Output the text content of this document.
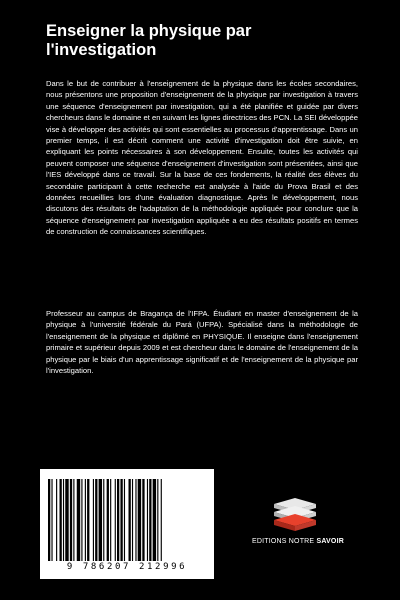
Enseigner la physique par l'investigation
Dans le but de contribuer à l'enseignement de la physique dans les écoles secondaires, nous présentons une proposition d'enseignement de la physique par investigation à travers une séquence d'enseignement par investigation, qui a été planifiée et guidée par divers chercheurs dans le domaine et en suivant les lignes directrices des PCN. La SEI développée vise à développer des activités qui sont essentielles au processus d'apprentissage. Dans un premier temps, il est décrit comment une activité d'investigation doit être suivie, en expliquant les points nécessaires à son développement. Ensuite, toutes les activités qui peuvent composer une séquence d'enseignement d'investigation sont présentées, ainsi que l'IES développé dans ce travail. Sur la base de ces fondements, la réalité des élèves du secondaire participant à cette recherche est analysée à l'aide du Prova Brasil et des données recueillies lors d'une évaluation diagnostique. Après le développement, nous discutons des résultats de l'adaptation de la méthodologie appliquée pour conclure que la séquence d'enseignement par investigation appliquée a eu des résultats positifs en termes de construction de connaissances scientifiques.
Professeur au campus de Bragança de l'IFPA. Étudiant en master d'enseignement de la physique à l'université fédérale du Pará (UFPA). Spécialisé dans la méthodologie de l'enseignement de la physique et diplômé en PHYSIQUE. Il enseigne dans l'enseignement primaire et supérieur depuis 2009 et est chercheur dans le domaine de l'enseignement de la physique par le biais d'un apprentissage significatif et de l'enseignement de la physique par l'investigation.
9 786207 212996
EDITIONS NOTRE SAVOIR
